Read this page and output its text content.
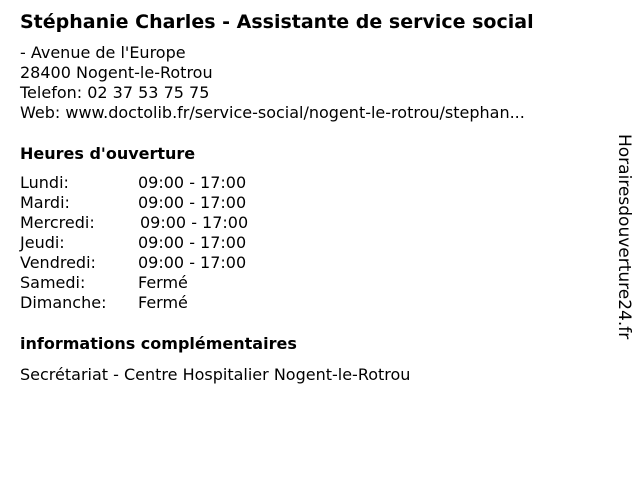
Stéphanie Charles - Assistante de service social
- Avenue de l'Europe
28400 Nogent-le-Rotrou
Telefon: 02 37 53 75 75
Web: www.doctolib.fr/service-social/nogent-le-rotrou/stephan...
Heures d'ouverture
Lundi:	09:00 - 17:00
Mardi:	09:00 - 17:00
Mercredi:	09:00 - 17:00
Jeudi:	09:00 - 17:00
Vendredi:	09:00 - 17:00
Samedi:	Fermé
Dimanche: Fermé
informations complémentaires
Secrétariat - Centre Hospitalier Nogent-le-Rotrou
Horairesdouverture24.fr
